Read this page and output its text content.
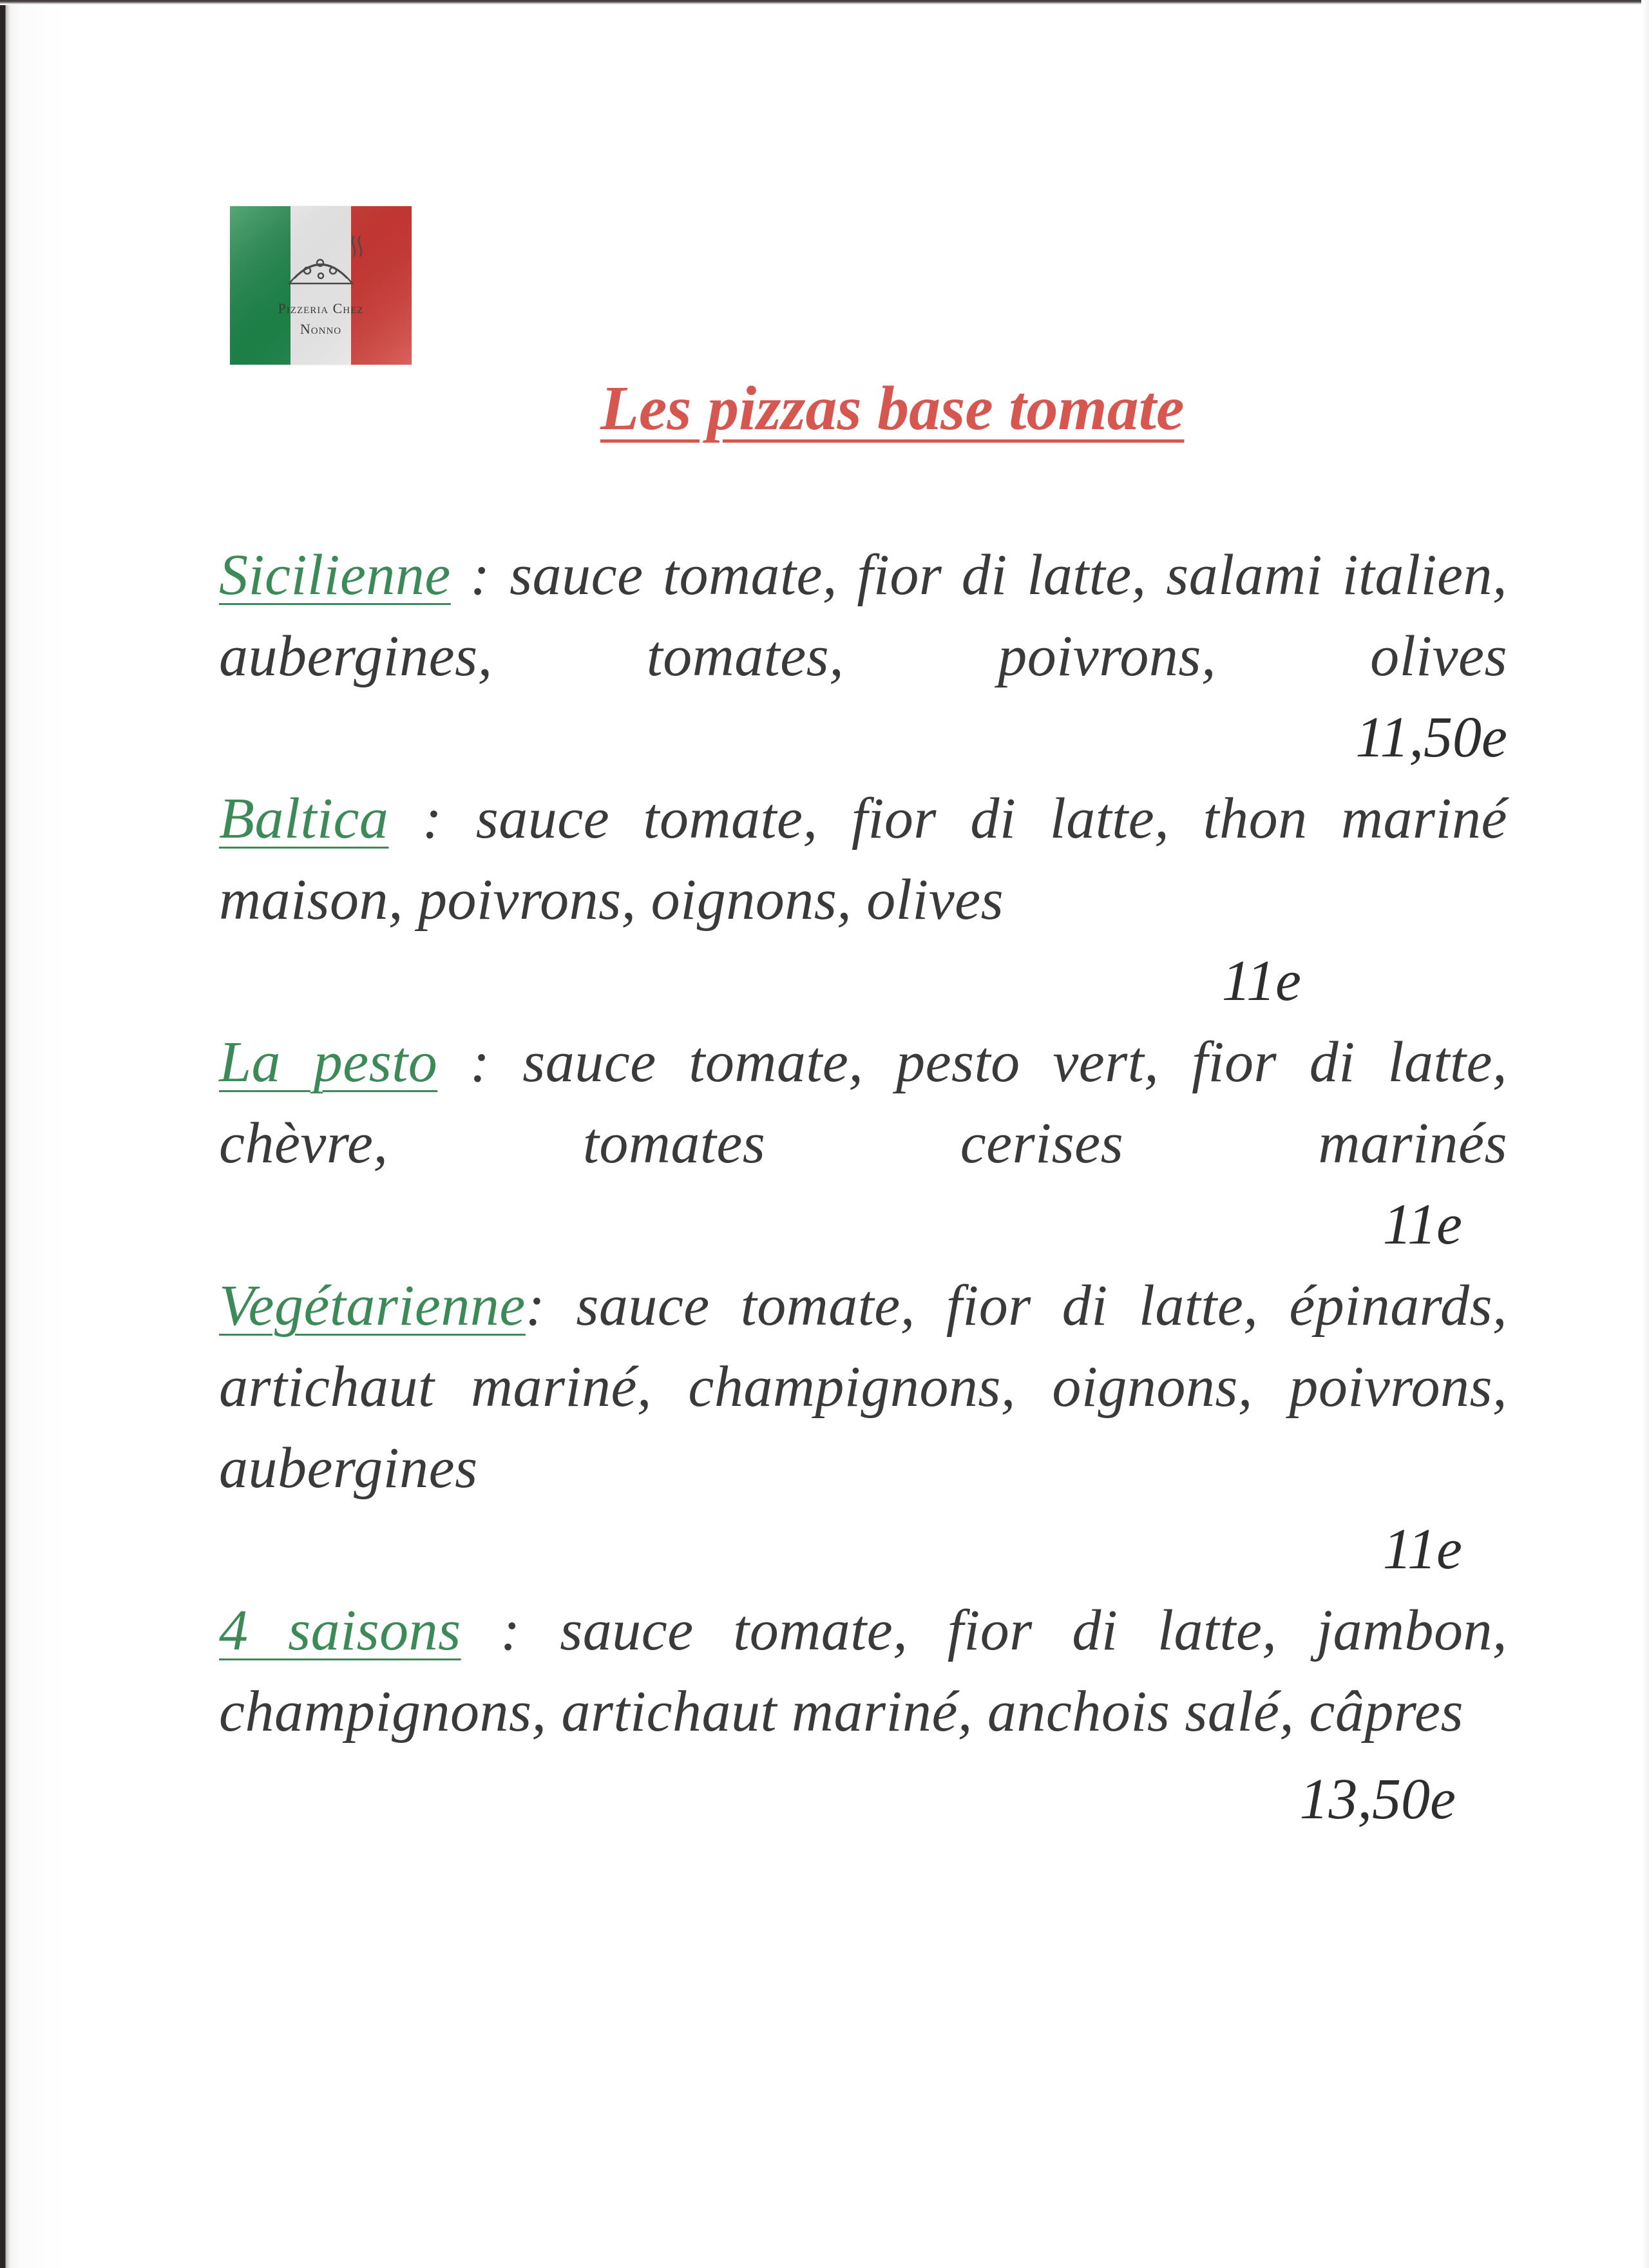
Pizzeria Chez
Nonno
Les pizzas base tomate
Sicilienne : sauce tomate, fior di latte, salami italien, aubergines, tomates, poivrons, olives
11,50e
Baltica : sauce tomate, fior di latte, thon mariné maison, poivrons, oignons, olives
11e
La pesto : sauce tomate, pesto vert, fior di latte, chèvre, tomates cerises marinés
11e
Vegétarienne: sauce tomate, fior di latte, épinards, artichaut mariné, champignons, oignons, poivrons, aubergines
11e
4 saisons : sauce tomate, fior di latte, jambon, champignons, artichaut mariné, anchois salé, câpres
13,50e
